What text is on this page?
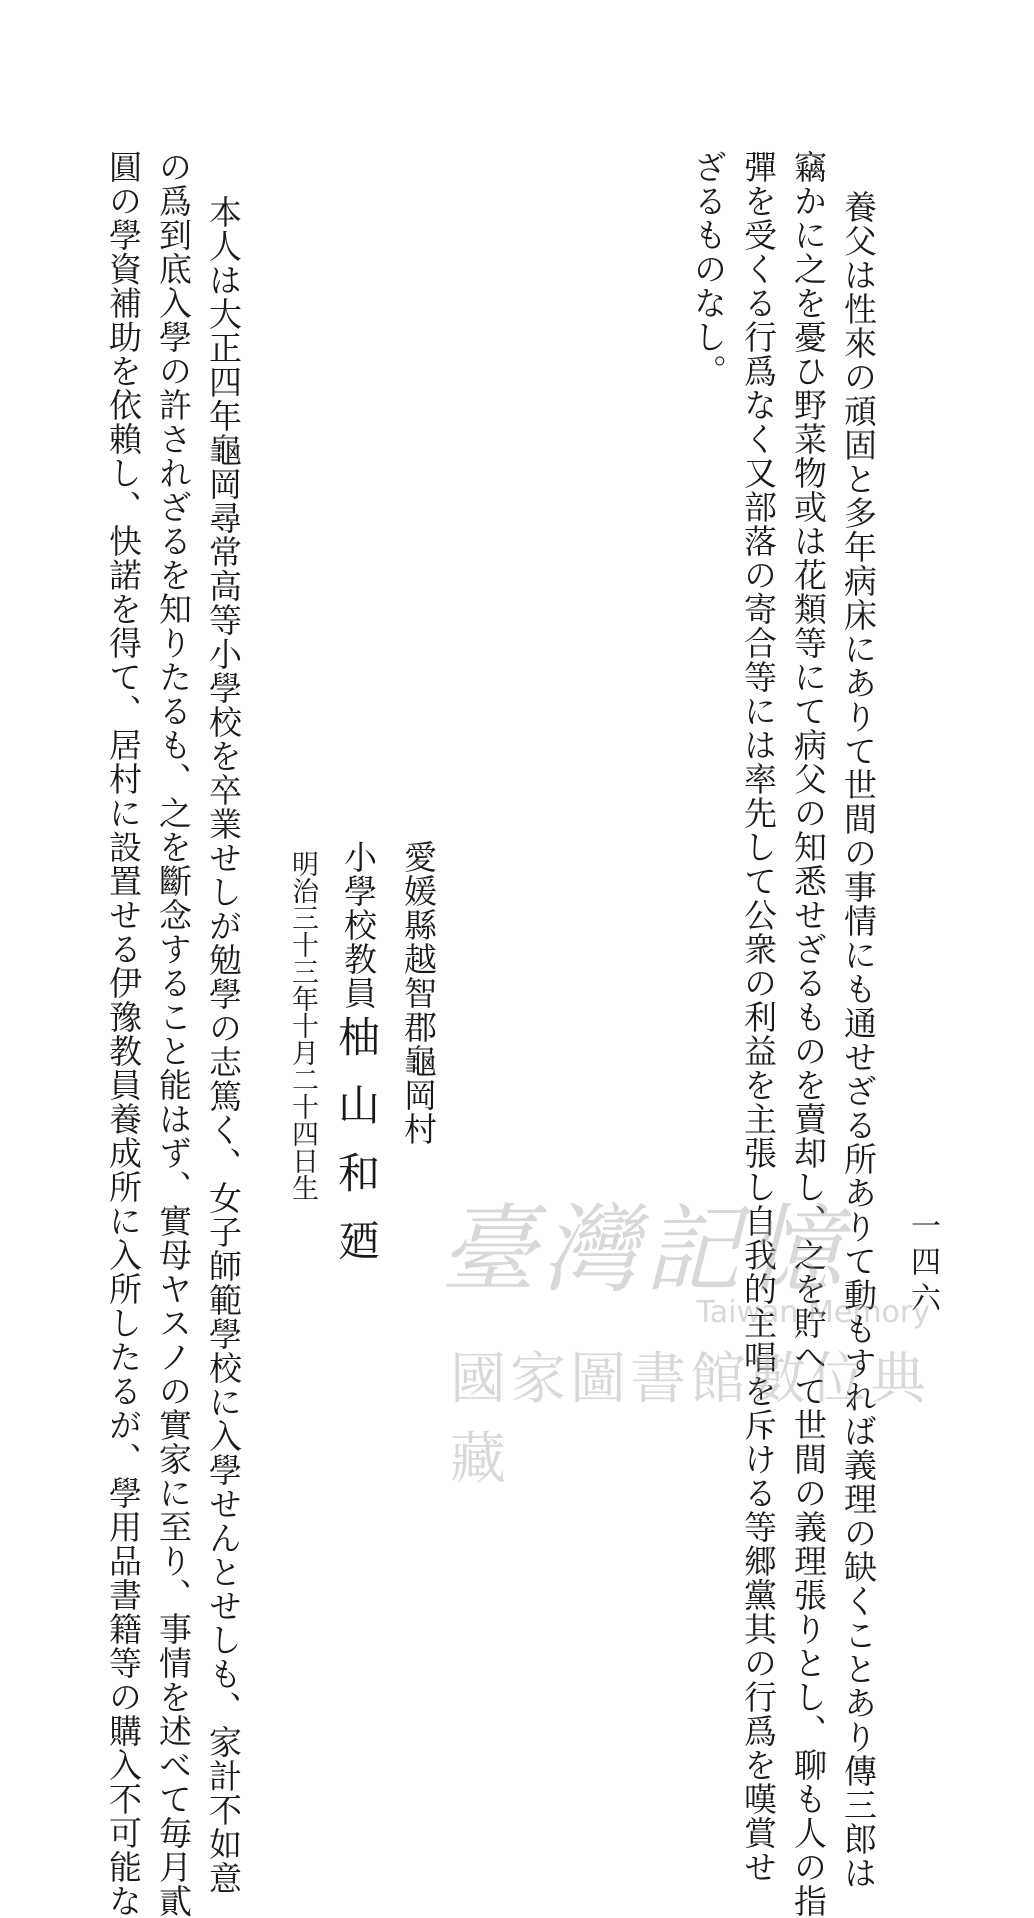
一四六
養父は性來の頑固と多年病床にありて世間の事情にも通せざる所ありて動もすれば義理の缺くことあり傳三郎は
竊かに之を憂ひ野菜物或は花類等にて病父の知悉せざるものを賣却し、之を貯へて世間の義理張りとし、聊も人の指
彈を受くる行爲なく又部落の寄合等には率先して公衆の利益を主張し自我的主唱を斥ける等郷黨其の行爲を嘆賞せ
ざるものなし。
愛媛縣越智郡龜岡村
小學校教員
柚山和廼
明治三十三年十月二十四日生
本人は大正四年龜岡尋常高等小學校を卒業せしが勉學の志篤く、女子師範學校に入學せんとせしも、家計不如意
の爲到底入學の許されざるを知りたるも、之を斷念すること能はず、實母ヤスノの實家に至り、事情を述べて毎月貳
圓の學資補助を依賴し、快諾を得て、居村に設置せる伊豫教員養成所に入所したるが、學用品書籍等の購入不可能な	臺灣記憶
Taiwan Memory
國家圖書館數位典藏
